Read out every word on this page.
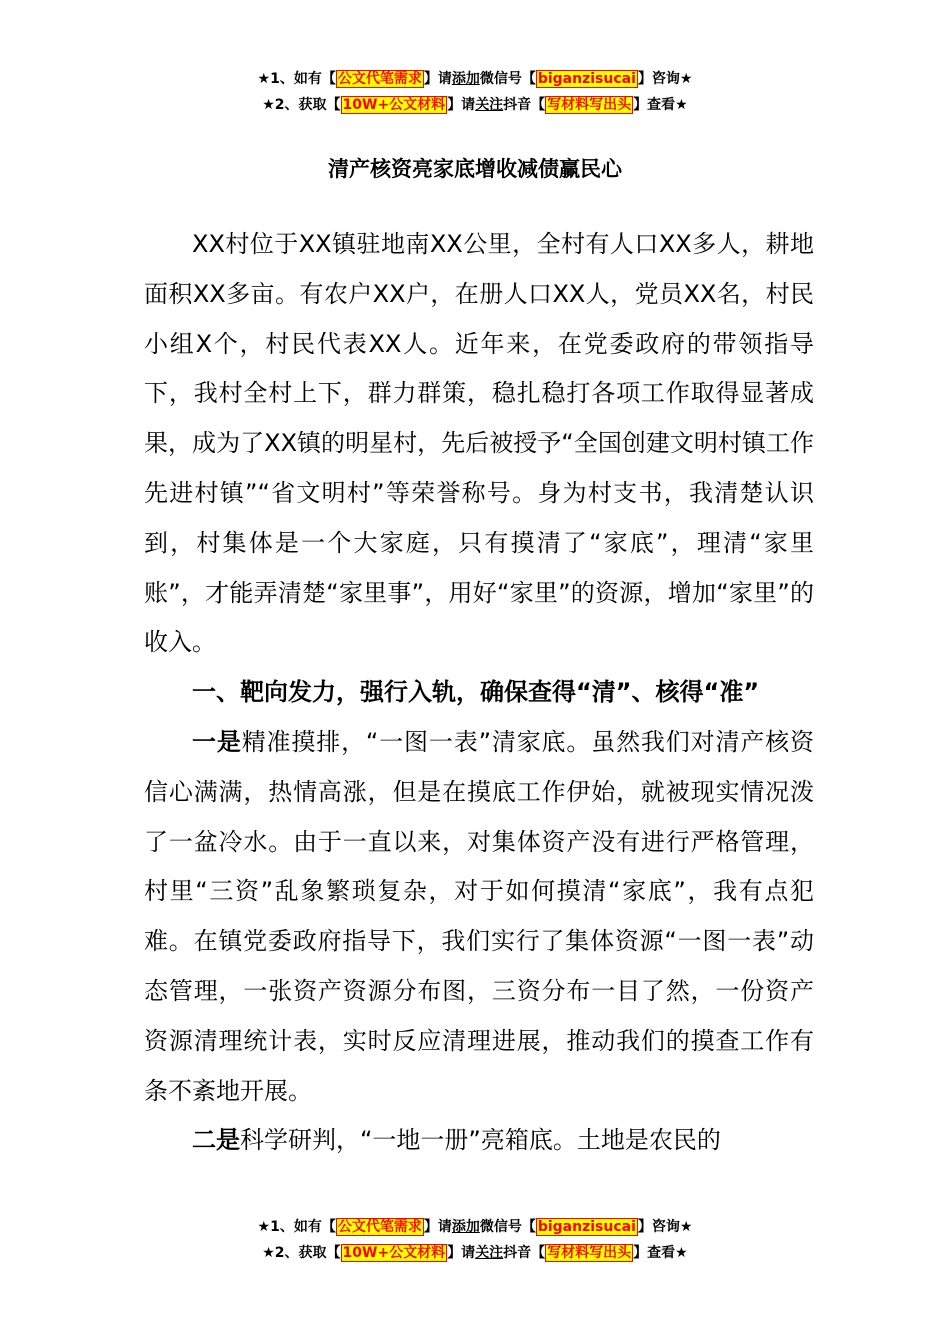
★1、如有【 公文代笔需求 】请添加微信号【 biganzisucai 】咨询★
★2、获取【 10W+公文材料 】请关注抖音【 写材料写出头 】查看★
清产核资亮家底增收减债赢民心

XX村位于XX镇驻地南XX公里，全村有人口XX多人，耕地面积XX多亩。有农户XX户，在册人口XX人，党员XX名，村民小组X个，村民代表XX人。近年来，在党委政府的带领指导下，我村全村上下，群力群策，稳扎稳打各项工作取得显著成果，成为了XX镇的明星村，先后被授予“全国创建文明村镇工作先进村镇”“省文明村”等荣誉称号。身为村支书，我清楚认识到，村集体是一个大家庭，只有摸清了“家底”，理清“家里账”，才能弄清楚“家里事”，用好“家里”的资源，增加“家里”的收入。

一、靶向发力，强行入轨，确保查得“清”、核得“准”

一是精准摸排，“一图一表”清家底。虽然我们对清产核资信心满满，热情高涨，但是在摸底工作伊始，就被现实情况泼了一盆冷水。由于一直以来，对集体资产没有进行严格管理，村里“三资”乱象繁琐复杂，对于如何摸清“家底”，我有点犯难。在镇党委政府指导下，我们实行了集体资源“一图一表”动态管理，一张资产资源分布图，三资分布一目了然，一份资产资源清理统计表，实时反应清理进展，推动我们的摸查工作有条不紊地开展。

二是科学研判，“一地一册”亮箱底。土地是农民的

★1、如有【 公文代笔需求 】请添加微信号【 biganzisucai 】咨询★
★2、获取【 10W+公文材料 】请关注抖音【 写材料写出头 】查看★
